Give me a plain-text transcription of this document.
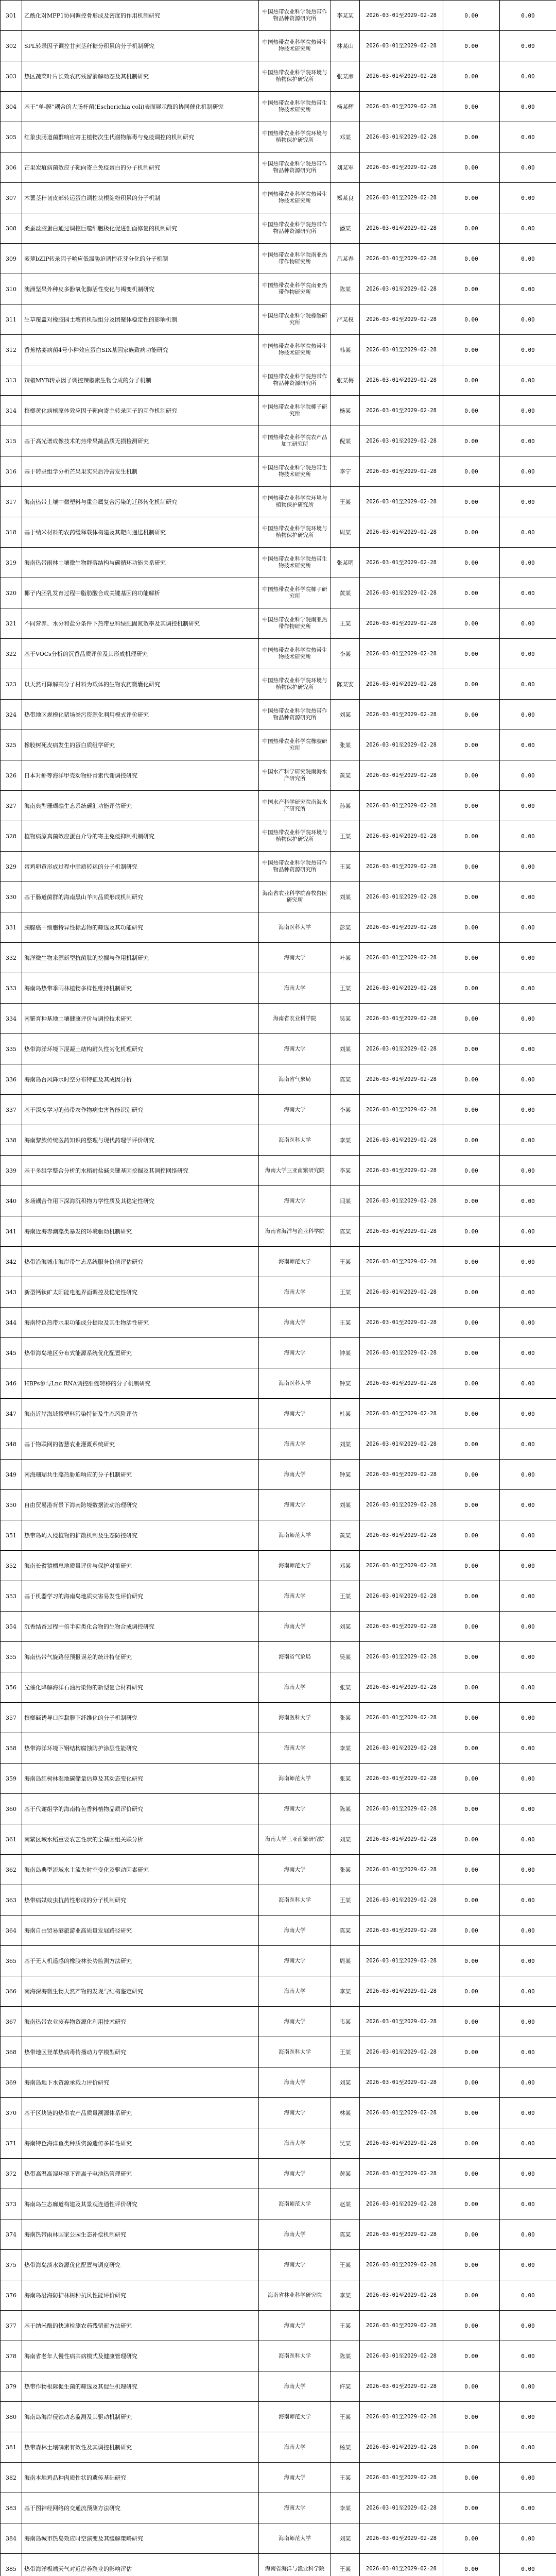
301	乙酰化对MPP1协同调控骨形成及密度的作用机制研究	中国热带农业科学院热带作物品种资源研究所	李某某	2026-03-01至2029-02-28	0.00	0.00
302	SPL转录因子调控甘蔗茎秆糖分积累的分子机制研究	中国热带农业科学院热带生物技术研究所	林某山	2026-03-01至2029-02-28	0.00	0.00
303	热区蔬菜叶片长效农药残留消解动态及其机制研究	中国热带农业科学院环境与植物保护研究所	张某彦	2026-03-01至2029-02-28	0.00	0.00
304	基于“单-膜”耦合的大肠杆菌(Escherichia coli)表面展示酶的协同催化机制研究	中国热带农业科学院热带生物技术研究所	杨某辉	2026-03-01至2029-02-28	0.00	0.00
305	红象虫肠道菌群响应寄主植物次生代谢物解毒与免疫调控的机制研究	中国热带农业科学院环境与植物保护研究所	邓某	2026-03-01至2029-02-28	0.00	0.00
306	芒果炭疽病菌效应子靶向寄主免疫蛋白的分子机制研究	中国热带农业科学院热带作物品种资源研究所	刘某军	2026-03-01至2029-02-28	0.00	0.00
307	木薯茎秆韧皮部转运蛋白调控块根淀粉积累的分子机制	中国热带农业科学院热带生物技术研究所	郑某良	2026-03-01至2029-02-28	0.00	0.00
308	桑蚕丝胶蛋白通过调控巨噬细胞极化促进创面修复的机制研究	中国热带农业科学院热带作物品种资源研究所	潘某	2026-03-01至2029-02-28	0.00	0.00
309	菠萝bZIP转录因子响应低温胁迫调控花芽分化的分子机制	中国热带农业科学院南亚热带作物研究所	吕某春	2026-03-01至2029-02-28	0.00	0.00
310	澳洲坚果外种皮多酚氧化酶活性变化与褐变机制研究	中国热带农业科学院南亚热带作物研究所	陈某	2026-03-01至2029-02-28	0.00	0.00
311	生草覆盖对橡胶园土壤有机碳组分及团聚体稳定性的影响机制	中国热带农业科学院橡胶研究所	严某权	2026-03-01至2029-02-28	0.00	0.00
312	香蕉枯萎病菌4号小种效应蛋白SIX基因家族致病功能研究	中国热带农业科学院热带生物技术研究所	韩某	2026-03-01至2029-02-28	0.00	0.00
313	辣椒MYB转录因子调控辣椒素生物合成的分子机制	中国热带农业科学院热带作物品种资源研究所	张某梅	2026-03-01至2029-02-28	0.00	0.00
314	槟榔黄化病植原体效应因子靶向寄主转录因子的互作机制研究	中国热带农业科学院椰子研究所	杨某	2026-03-01至2029-02-28	0.00	0.00
315	基于高光谱成像技术的热带果蔬品质无损检测研究	中国热带农业科学院农产品加工研究所	倪某	2026-03-01至2029-02-28	0.00	0.00
316	基于转录组学分析芒果果实采后冷害发生机制	中国热带农业科学院热带生物技术研究所	李宁	2026-03-01至2029-02-28	0.00	0.00
317	海南热带土壤中微塑料与重金属复合污染的迁移转化机制研究	中国热带农业科学院环境与植物保护研究所	王某	2026-03-01至2029-02-28	0.00	0.00
318	基于纳米材料的农药缓释载体构建及其靶向递送机制研究	中国热带农业科学院环境与植物保护研究所	周某	2026-03-01至2029-02-28	0.00	0.00
319	海南热带雨林土壤微生物群落结构与碳循环功能关系研究	中国热带农业科学院热带生物技术研究所	张某明	2026-03-01至2029-02-28	0.00	0.00
320	椰子内胚乳发育过程中脂肪酸合成关键基因的功能解析	中国热带农业科学院椰子研究所	黄某	2026-03-01至2029-02-28	0.00	0.00
321	不同营养、水分和盐分条件下热带豆科绿肥固氮效率及其调控机制研究	中国热带农业科学院南亚热带作物研究所	王某	2026-03-01至2029-02-28	0.00	0.00
322	基于VOCs分析的沉香品质评价及其形成机理研究	中国热带农业科学院热带生物技术研究所	李某	2026-03-01至2029-02-28	0.00	0.00
323	以天然可降解高分子材料为载体的生物农药微囊化研究	中国热带农业科学院环境与植物保护研究所	陈某安	2026-03-01至2029-02-28	0.00	0.00
324	热带地区规模化猪场粪污资源化利用模式评价研究	中国热带农业科学院热带作物品种资源研究所	刘某	2026-03-01至2029-02-28	0.00	0.00
325	橡胶树死皮病发生的蛋白质组学研究	中国热带农业科学院橡胶研究所	张某	2026-03-01至2029-02-28	0.00	0.00
326	日本对虾等海洋甲壳动物虾青素代谢调控研究	中国水产科学研究院南海水产研究所	黄某	2026-03-01至2029-02-28	0.00	0.00
327	海南典型珊瑚礁生态系统碳汇功能评估研究	中国水产科学研究院南海水产研究所	孙某	2026-03-01至2029-02-28	0.00	0.00
328	植物病原真菌效应蛋白介导的寄主免疫抑制机制研究	中国热带农业科学院环境与植物保护研究所	王某	2026-03-01至2029-02-28	0.00	0.00
329	蛋鸡卵黄形成过程中脂质转运的分子机制研究	中国热带农业科学院热带作物品种资源研究所	王某	2026-03-01至2029-02-28	0.00	0.00
330	基于肠道菌群的海南黑山羊肉品质形成机制研究	海南省农业科学院畜牧兽医研究所	刘某	2026-03-01至2029-02-28	0.00	0.00
331	胰腺癌干细胞特异性标志物的筛选及其功能研究	海南医科大学	彭某	2026-03-01至2029-02-28	0.00	0.00
332	海洋微生物来源新型抗菌肽的挖掘与作用机制研究	海南大学	叶某	2026-03-01至2029-02-28	0.00	0.00
333	海南岛热带季雨林植物多样性维持机制研究	海南大学	王某	2026-03-01至2029-02-28	0.00	0.00
334	南繁育种基地土壤健康评价与调控技术研究	海南省农业科学院	吴某	2026-03-01至2029-02-28	0.00	0.00
335	热带海洋环境下混凝土结构耐久性劣化机理研究	海南大学	刘某	2026-03-01至2029-02-28	0.00	0.00
336	海南岛台风降水时空分布特征及其成因分析	海南省气象局	陈某	2026-03-01至2029-02-28	0.00	0.00
337	基于深度学习的热带农作物病虫害智能识别研究	海南大学	李某	2026-03-01至2029-02-28	0.00	0.00
338	海南黎族传统医药知识的整理与现代药理学评价研究	海南医科大学	李某	2026-03-01至2029-02-28	0.00	0.00
339	基于多组学整合分析的水稻耐盐碱关键基因挖掘及其调控网络研究	海南大学三亚南繁研究院	李某	2026-03-01至2029-02-28	0.00	0.00
340	多场耦合作用下深海沉积物力学性质及其稳定性研究	海南大学	闫某	2026-03-01至2029-02-28	0.00	0.00
341	海南近海赤潮藻类暴发的环境驱动机制研究	海南省海洋与渔业科学院	陈某	2026-03-01至2029-02-28	0.00	0.00
342	热带沿海城市海岸带生态系统服务价值评估研究	海南师范大学	王某	2026-03-01至2029-02-28	0.00	0.00
343	新型钙钛矿太阳能电池界面调控及稳定性研究	海南大学	王某	2026-03-01至2029-02-28	0.00	0.00
344	海南特色热带水果功能成分提取及其生物活性研究	海南大学	王某	2026-03-01至2029-02-28	0.00	0.00
345	热带海岛地区分布式能源系统优化配置研究	海南大学	钟某	2026-03-01至2029-02-28	0.00	0.00
346	HBPs参与Lnc RNA调控肝癌转移的分子机制研究	海南医科大学	钟某	2026-03-01至2029-02-28	0.00	0.00
347	海南近岸海域微塑料污染特征及生态风险评估	海南大学	杜某	2026-03-01至2029-02-28	0.00	0.00
348	基于物联网的智慧农业灌溉系统研究	海南大学	刘某	2026-03-01至2029-02-28	0.00	0.00
349	南海珊瑚共生藻热胁迫响应的分子机制研究	海南大学	钟某	2026-03-01至2029-02-28	0.00	0.00
350	自由贸易港背景下海南跨境数据流动治理研究	海南大学	刘某	2026-03-01至2029-02-28	0.00	0.00
351	热带岛屿入侵植物的扩散机制及生态防控研究	海南师范大学	黄某	2026-03-01至2029-02-28	0.00	0.00
352	海南长臂猿栖息地质量评价与保护对策研究	海南师范大学	邓某	2026-03-01至2029-02-28	0.00	0.00
353	基于机器学习的海南岛地质灾害易发性评价研究	海南大学	王某	2026-03-01至2029-02-28	0.00	0.00
354	沉香结香过程中倍半萜类化合物的生物合成调控研究	海南大学	刘某	2026-03-01至2029-02-28	0.00	0.00
355	海南热带气旋路径预报误差的统计特征研究	海南省气象局	吴某	2026-03-01至2029-02-28	0.00	0.00
356	光催化降解海洋石油污染物的新型复合材料研究	海南大学	张某	2026-03-01至2029-02-28	0.00	0.00
357	槟榔碱诱导口腔黏膜下纤维化的分子机制研究	海南医科大学	张某	2026-03-01至2029-02-28	0.00	0.00
358	热带海洋环境下钢结构腐蚀防护涂层性能研究	海南大学	李某	2026-03-01至2029-02-28	0.00	0.00
359	海南岛红树林湿地碳储量估算及其动态变化研究	海南师范大学	张某	2026-03-01至2029-02-28	0.00	0.00
360	基于代谢组学的海南特色香料植物品质评价研究	海南大学	陈某	2026-03-01至2029-02-28	0.00	0.00
361	南繁区域水稻重要农艺性状的全基因组关联分析	海南大学三亚南繁研究院	刘某	2026-03-01至2029-02-28	0.00	0.00
362	海南岛典型流域水土流失时空变化及驱动因素研究	海南大学	张某	2026-03-01至2029-02-28	0.00	0.00
363	热带病媒蚊虫抗药性形成的分子机制研究	海南医科大学	王某	2026-03-01至2029-02-28	0.00	0.00
364	海南自由贸易港旅游业高质量发展路径研究	海南大学	陈某	2026-03-01至2029-02-28	0.00	0.00
365	基于无人机遥感的橡胶林长势监测方法研究	海南大学	周某	2026-03-01至2029-02-28	0.00	0.00
366	南海深海微生物天然产物的发现与结构鉴定研究	海南大学	李某	2026-03-01至2029-02-28	0.00	0.00
367	海南热带农业废弃物资源化利用技术研究	海南大学	韦某	2026-03-01至2029-02-28	0.00	0.00
368	热带地区登革热病毒传播动力学模型研究	海南医科大学	王某	2026-03-01至2029-02-28	0.00	0.00
369	海南岛地下水资源承载力评价研究	海南大学	刘某	2026-03-01至2029-02-28	0.00	0.00
370	基于区块链的热带农产品质量溯源体系研究	海南大学	林某	2026-03-01至2029-02-28	0.00	0.00
371	海南特色海洋鱼类种质资源遗传多样性研究	海南大学	吴某	2026-03-01至2029-02-28	0.00	0.00
372	热带高温高湿环境下锂离子电池热管理研究	海南大学	黄某	2026-03-01至2029-02-28	0.00	0.00
373	海南岛生态廊道构建及其景观连通性评价研究	海南师范大学	赵某	2026-03-01至2029-02-28	0.00	0.00
374	海南热带雨林国家公园生态补偿机制研究	海南大学	陈某	2026-03-01至2029-02-28	0.00	0.00
375	热带海岛淡水资源优化配置与调度研究	海南大学	王某	2026-03-01至2029-02-28	0.00	0.00
376	海南岛沿海防护林树种抗风性能评价研究	海南省林业科学研究院	李某	2026-03-01至2029-02-28	0.00	0.00
377	基于纳米酶的快速检测农药残留新方法研究	海南大学	王某	2026-03-01至2029-02-28	0.00	0.00
378	海南省老年人慢性病共病模式及健康管理研究	海南医科大学	陈某	2026-03-01至2029-02-28	0.00	0.00
379	热带作物根际促生菌的筛选及其促生机理研究	海南大学	许某	2026-03-01至2029-02-28	0.00	0.00
380	海南岛海岸侵蚀动态监测及其驱动机制研究	海南师范大学	王某	2026-03-01至2029-02-28	0.00	0.00
381	热带森林土壤磷素有效性及其调控机制研究	海南大学	杨某	2026-03-01至2029-02-28	0.00	0.00
382	海南本地鸡品种肉质性状的遗传基础研究	海南大学	王某	2026-03-01至2029-02-28	0.00	0.00
383	基于图神经网络的交通流预测方法研究	海南大学	李某	2026-03-01至2029-02-28	0.00	0.00
384	海南岛城市热岛效应时空演变及其缓解策略研究	海南师范大学	刘某	2026-03-01至2029-02-28	0.00	0.00
385	热带海洋极端天气对近岸养殖业的影响评估	海南省海洋与渔业科学院	王某	2026-03-01至2029-02-28	0.00	0.00
